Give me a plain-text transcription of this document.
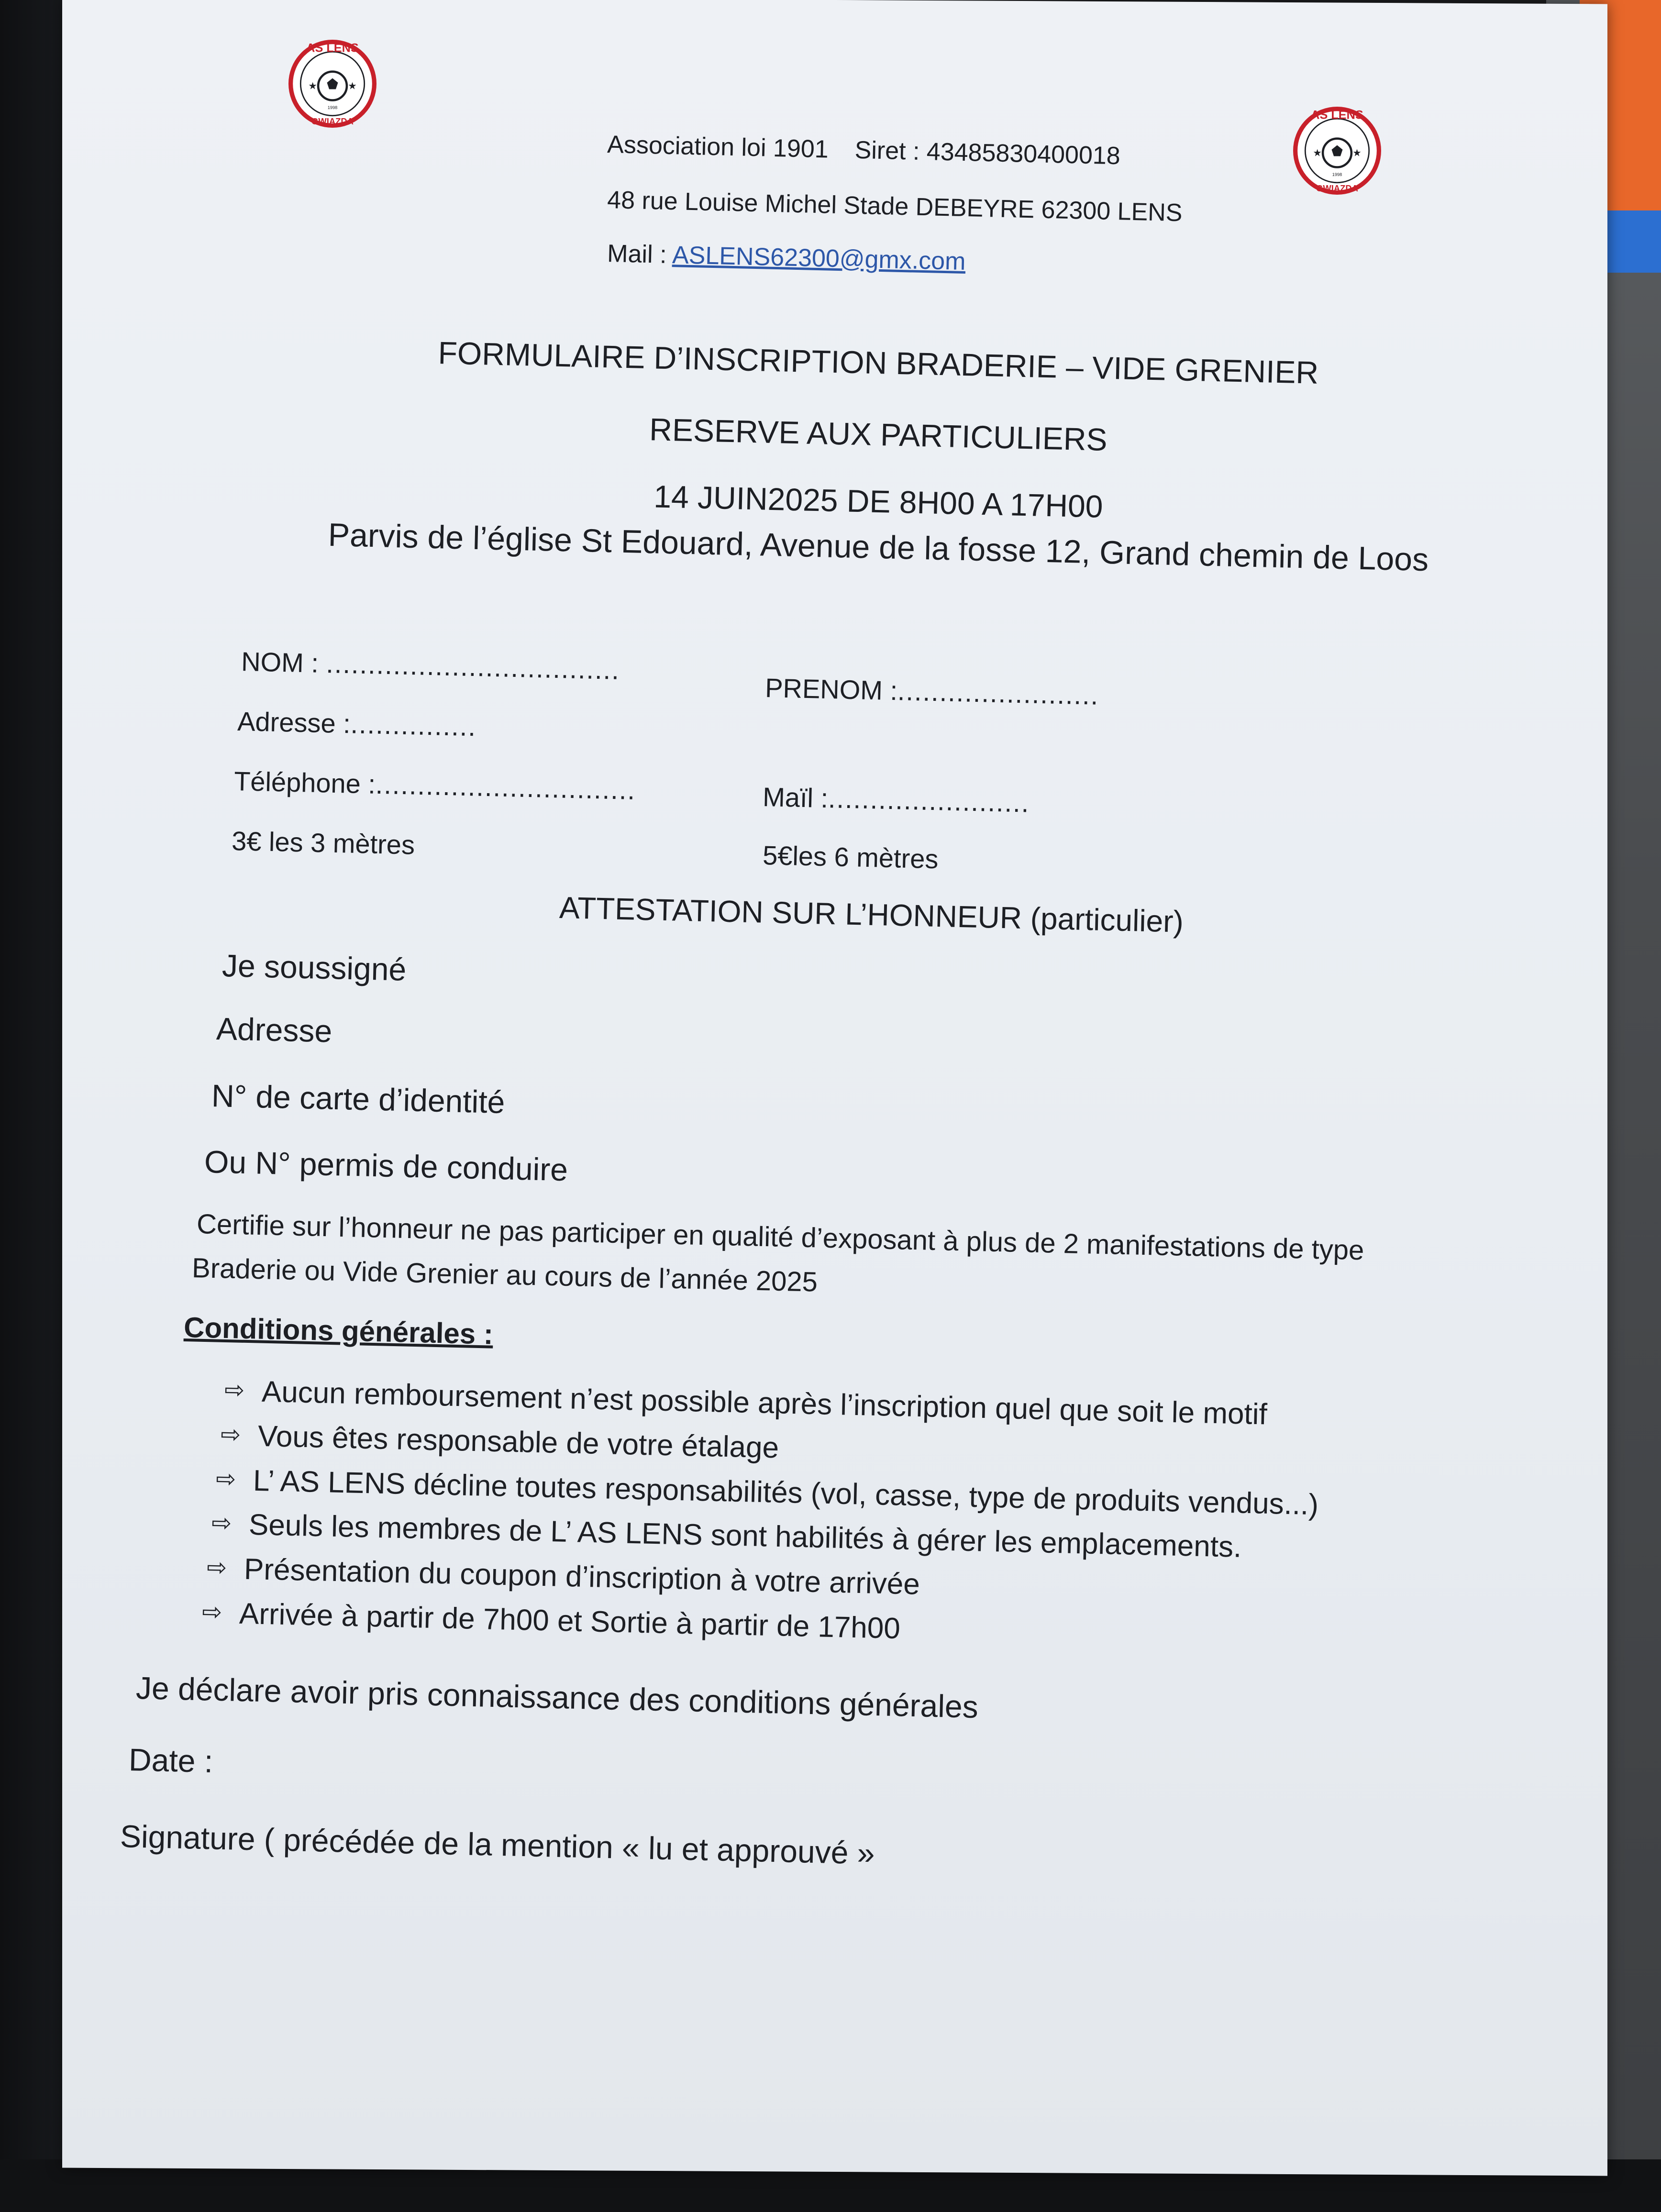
★	★
AS LENS
GWIAZDA
1998
★	★
AS LENS
GWIAZDA
1998
Association loi 1901 Siret : 43485830400018
48 rue Louise Michel Stade DEBEYRE 62300 LENS
Mail : ASLENS62300@gmx.com
FORMULAIRE D’INSCRIPTION BRADERIE – VIDE GRENIER
RESERVE AUX PARTICULIERS
14 JUIN2025 DE 8H00 A 17H00
Parvis de l’église St Edouard, Avenue de la fosse 12, Grand chemin de Loos
NOM : ...................................
PRENOM :........................
Adresse :...............
Téléphone :...............................	Maïl :........................
3€ les 3 mètres	5€les 6 mètres
ATTESTATION SUR L’HONNEUR (particulier)
Je soussigné
Adresse
N° de carte d’identité
Ou N° permis de conduire
Certifie sur l’honneur ne pas participer en qualité d’exposant à plus de 2 manifestations de type
Braderie ou Vide Grenier au cours de l’année 2025
Conditions générales :
⇨ Aucun remboursement n’est possible après l’inscription quel que soit le motif
⇨ Vous êtes responsable de votre étalage
⇨ L’ AS LENS décline toutes responsabilités (vol, casse, type de produits vendus...)
⇨ Seuls les membres de L’ AS LENS sont habilités à gérer les emplacements.
⇨ Présentation du coupon d’inscription à votre arrivée
⇨ Arrivée à partir de 7h00 et Sortie à partir de 17h00
Je déclare avoir pris connaissance des conditions générales
Date :
Signature ( précédée de la mention « lu et approuvé »
